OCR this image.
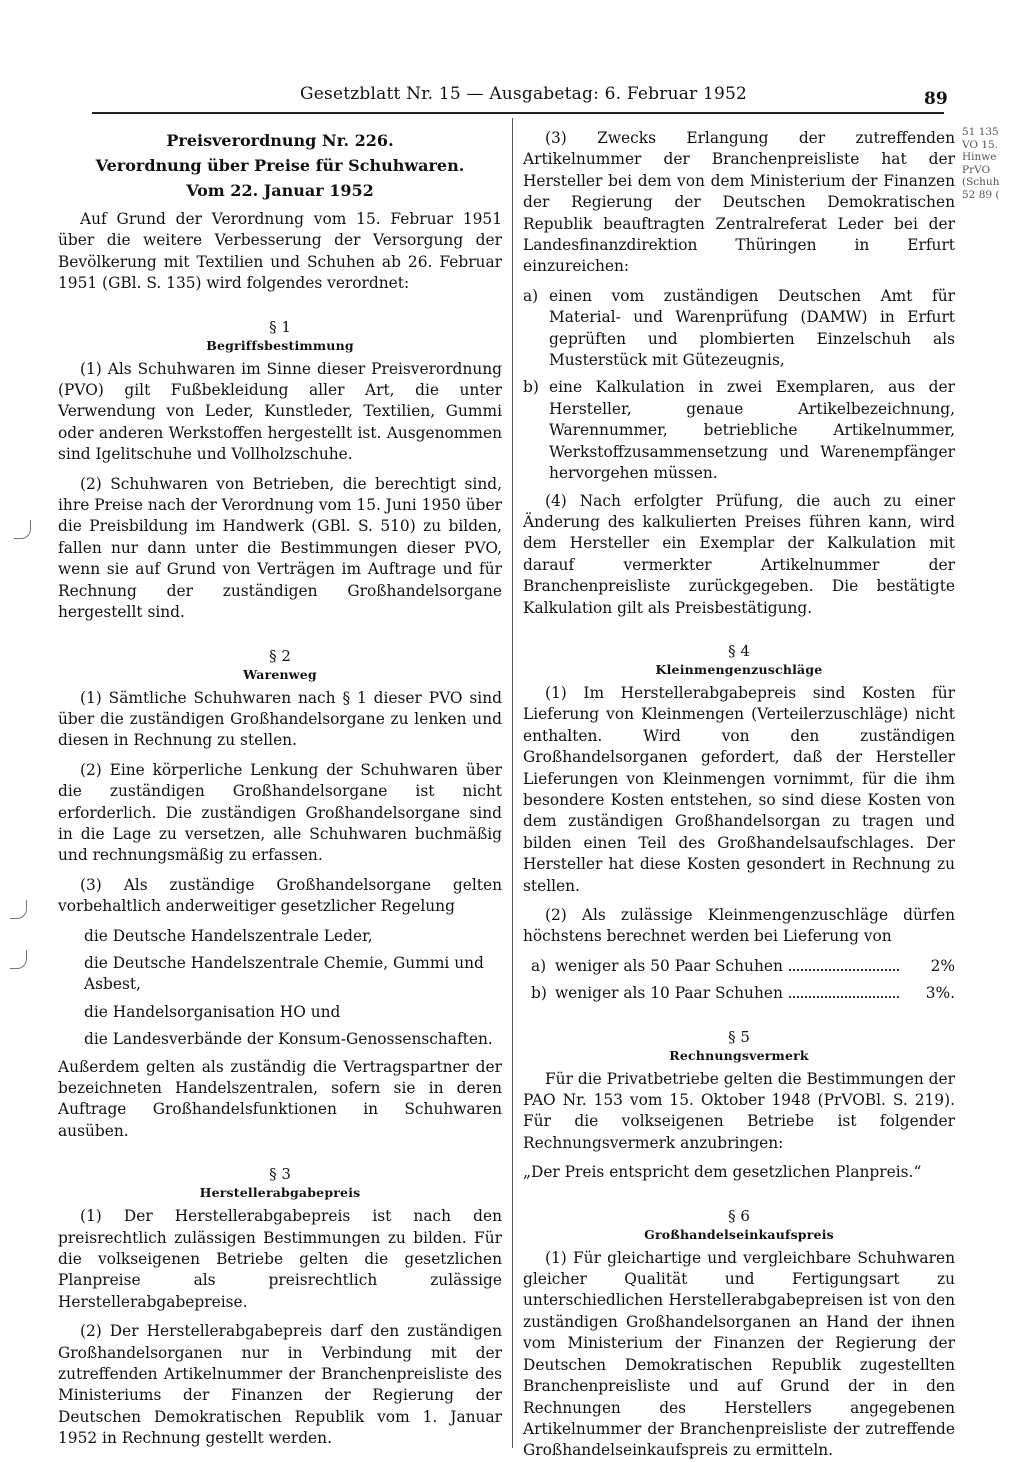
Gesetzblatt Nr. 15 — Ausgabetag: 6. Februar 1952	89
51 135
VO 15.
Hinwe
PrVO
(Schuh
52 89 (
Preisverordnung Nr. 226.
Verordnung über Preise für Schuhwaren.
Vom 22. Januar 1952

Auf Grund der Verordnung vom 15. Februar 1951 über die weitere Verbesserung der Versorgung der Bevölkerung mit Textilien und Schuhen ab 26. Februar 1951 (GBl. S. 135) wird folgendes verordnet:

§ 1
Begriffsbestimmung

(1) Als Schuhwaren im Sinne dieser Preisverordnung (PVO) gilt Fußbekleidung aller Art, die unter Verwendung von Leder, Kunstleder, Textilien, Gummi oder anderen Werkstoffen hergestellt ist. Ausgenommen sind Igelitschuhe und Vollholzschuhe.

(2) Schuhwaren von Betrieben, die berechtigt sind, ihre Preise nach der Verordnung vom 15. Juni 1950 über die Preisbildung im Handwerk (GBl. S. 510) zu bilden, fallen nur dann unter die Bestimmungen dieser PVO, wenn sie auf Grund von Verträgen im Auftrage und für Rechnung der zuständigen Großhandelsorgane hergestellt sind.

§ 2
Warenweg

(1) Sämtliche Schuhwaren nach § 1 dieser PVO sind über die zuständigen Großhandelsorgane zu lenken und diesen in Rechnung zu stellen.

(2) Eine körperliche Lenkung der Schuhwaren über die zuständigen Großhandelsorgane ist nicht erforderlich. Die zuständigen Großhandelsorgane sind in die Lage zu versetzen, alle Schuhwaren buchmäßig und rechnungsmäßig zu erfassen.

(3) Als zuständige Großhandelsorgane gelten vorbehaltlich anderweitiger gesetzlicher Regelung

die Deutsche Handelszentrale Leder,
die Deutsche Handelszentrale Chemie, Gummi und Asbest,
die Handelsorganisation HO und
die Landesverbände der Konsum-Genossenschaften.

Außerdem gelten als zuständig die Vertragspartner der bezeichneten Handelszentralen, sofern sie in deren Auftrage Großhandelsfunktionen in Schuhwaren ausüben.

§ 3
Herstellerabgabepreis

(1) Der Herstellerabgabepreis ist nach den preisrechtlich zulässigen Bestimmungen zu bilden. Für die volkseigenen Betriebe gelten die gesetzlichen Planpreise als preisrechtlich zulässige Herstellerabgabepreise.

(2) Der Herstellerabgabepreis darf den zuständigen Großhandelsorganen nur in Verbindung mit der zutreffenden Artikelnummer der Branchenpreisliste des Ministeriums der Finanzen der Regierung der Deutschen Demokratischen Republik vom 1. Januar 1952 in Rechnung gestellt werden.

(3) Zwecks Erlangung der zutreffenden Artikelnummer der Branchenpreisliste hat der Hersteller bei dem von dem Ministerium der Finanzen der Regierung der Deutschen Demokratischen Republik beauftragten Zentralreferat Leder bei der Landesfinanzdirektion Thüringen in Erfurt einzureichen:

a) einen vom zuständigen Deutschen Amt für Material- und Warenprüfung (DAMW) in Erfurt geprüften und plombierten Einzelschuh als Musterstück mit Gütezeugnis,
b) eine Kalkulation in zwei Exemplaren, aus der Hersteller, genaue Artikelbezeichnung, Warennummer, betriebliche Artikelnummer, Werkstoffzusammensetzung und Warenempfänger hervorgehen müssen.

(4) Nach erfolgter Prüfung, die auch zu einer Änderung des kalkulierten Preises führen kann, wird dem Hersteller ein Exemplar der Kalkulation mit darauf vermerkter Artikelnummer der Branchenpreisliste zurückgegeben. Die bestätigte Kalkulation gilt als Preisbestätigung.

§ 4
Kleinmengenzuschläge

(1) Im Herstellerabgabepreis sind Kosten für Lieferung von Kleinmengen (Verteilerzuschläge) nicht enthalten. Wird von den zuständigen Großhandelsorganen gefordert, daß der Hersteller Lieferungen von Kleinmengen vornimmt, für die ihm besondere Kosten entstehen, so sind diese Kosten von dem zuständigen Großhandelsorgan zu tragen und bilden einen Teil des Großhandelsaufschlages. Der Hersteller hat diese Kosten gesondert in Rechnung zu stellen.

(2) Als zulässige Kleinmengenzuschläge dürfen höchstens berechnet werden bei Lieferung von

a) weniger als 50 Paar Schuhen	2%
b) weniger als 10 Paar Schuhen	3%.
§ 5
Rechnungsvermerk

Für die Privatbetriebe gelten die Bestimmungen der PAO Nr. 153 vom 15. Oktober 1948 (PrVOBl. S. 219). Für die volkseigenen Betriebe ist folgender Rechnungsvermerk anzubringen:

„Der Preis entspricht dem gesetzlichen Planpreis.“

§ 6
Großhandelseinkaufspreis

(1) Für gleichartige und vergleichbare Schuhwaren gleicher Qualität und Fertigungsart zu unterschiedlichen Herstellerabgabepreisen ist von den zuständigen Großhandelsorganen an Hand der ihnen vom Ministerium der Finanzen der Regierung der Deutschen Demokratischen Republik zugestellten Branchenpreisliste und auf Grund der in den Rechnungen des Herstellers angegebenen Artikelnummer der Branchenpreisliste der zutreffende Großhandelseinkaufspreis zu ermitteln.
